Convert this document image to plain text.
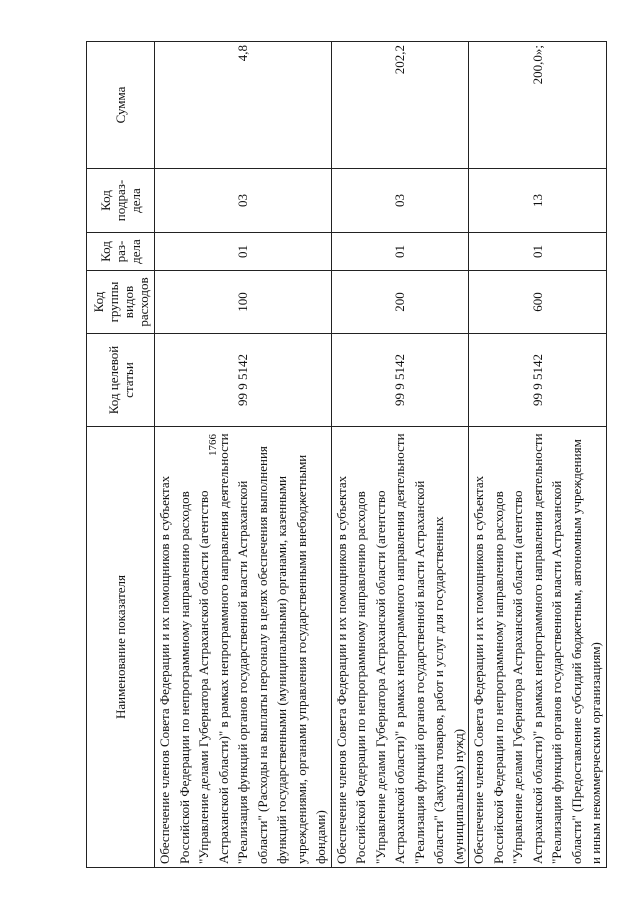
1766
Наименование показателя	Код целевой статьи	Код группы видов расходов	Код раз-дела	Код подраз-дела	Сумма
Обеспечение членов Совета Федерации и их помощников в субъектах Российской Федерации по непрограммному направлению расходов "Управление делами Губернатора Астраханской области (агентство Астраханской области)" в рамках непрограммного направления деятельности "Реализация функций органов государственной власти Астраханской области" (Расходы на выплаты персоналу в целях обеспечения выполнения функций государственными (муниципальными) органами, казенными учреждениями, органами управления государственными внебюджетными фондами)	99 9 5142	100	01	03	4,8
Обеспечение членов Совета Федерации и их помощников в субъектах Российской Федерации по непрограммному направлению расходов "Управление делами Губернатора Астраханской области (агентство Астраханской области)" в рамках непрограммного направления деятельности "Реализация функций органов государственной власти Астраханской области" (Закупка товаров, работ и услуг для государственных (муниципальных) нужд)	99 9 5142	200	01	03	202,2
Обеспечение членов Совета Федерации и их помощников в субъектах Российской Федерации по непрограммному направлению расходов "Управление делами Губернатора Астраханской области (агентство Астраханской области)" в рамках непрограммного направления деятельности "Реализация функций органов государственной власти Астраханской области" (Предоставление субсидий бюджетным, автономным учреждениям и иным некоммерческим организациям)	99 9 5142	600	01	13	200,0»;
